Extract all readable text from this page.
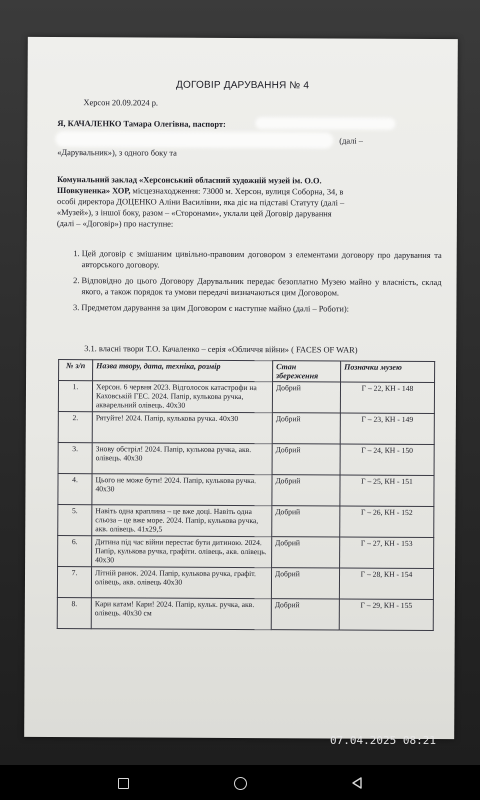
ДОГОВІР ДАРУВАННЯ № 4
Херсон 20.09.2024 р.
Я, КАЧАЛЕНКО Тамара Олегівна, паспорт:
(далі –
«Дарувальник»), з одного боку та
Комунальний заклад «Херсонський обласний художній музей ім. О.О.
Шовкуненка» ХОР, місцезнаходження: 73000 м. Херсон, вулиця Соборна, 34, в
особі директора ДОЦЕНКО Аліни Василівни, яка діє на підставі Статуту (далі –
«Музей»), з іншої боку, разом – «Сторонами», уклали цей Договір дарування
(далі – «Договір») про наступне:
1. Цей договір є змішаним цивільно-правовим договором з елементами договору про дарування та авторського договору.
2. Відповідно до цього Договору Дарувальник передає безоплатно Музею майно у власність, склад якого, а також порядок та умови передачі визначаються цим Договором.
3. Предметом дарування за цим Договором є наступне майно (далі – Роботи):
3.1. власні твори Т.О. Качаленко – серія «Обличчя війни» ( FACES OF WAR)
№ з/п	Назва твору, дата, техніка, розмір	Стан збереження	Позначки музею
1.	Херсон. 6 червня 2023. Відголосок катастрофи на Каховській ГЕС. 2024. Папір, кулькова ручка, акварельний олівець. 40х30	Добрий	Г – 22, КН - 148
2.	Рятуйте! 2024. Папір, кулькова ручка. 40х30	Добрий	Г – 23, КН - 149
3.	Знову обстріл! 2024. Папір, кулькова ручка, акв. олівець. 40х30	Добрий	Г – 24, КН - 150
4.	Цього не може бути! 2024. Папір, кулькова ручка. 40х30	Добрий	Г – 25, КН - 151
5.	Навіть одна краплина – це вже доці. Навіть одна сльоза – це вже море. 2024. Папір, кулькова ручка, акв. олівець. 41х29,5	Добрий	Г – 26, КН - 152
6.	Дитина під час війни перестає бути дитиною. 2024. Папір, кулькова ручка, графіти. олівець, акв. олівець. 40х30	Добрий	Г – 27, КН - 153
7.	Літній ранок. 2024. Папір, кулькова ручка, графіт. олівець, акв. олівець 40х30	Добрий	Г – 28, КН - 154
8.	Кари катам! Кари! 2024. Папір, кульк. ручка, акв. олівець. 40х30 см	Добрий	Г – 29, КН - 155
07.04.2025 08:21
